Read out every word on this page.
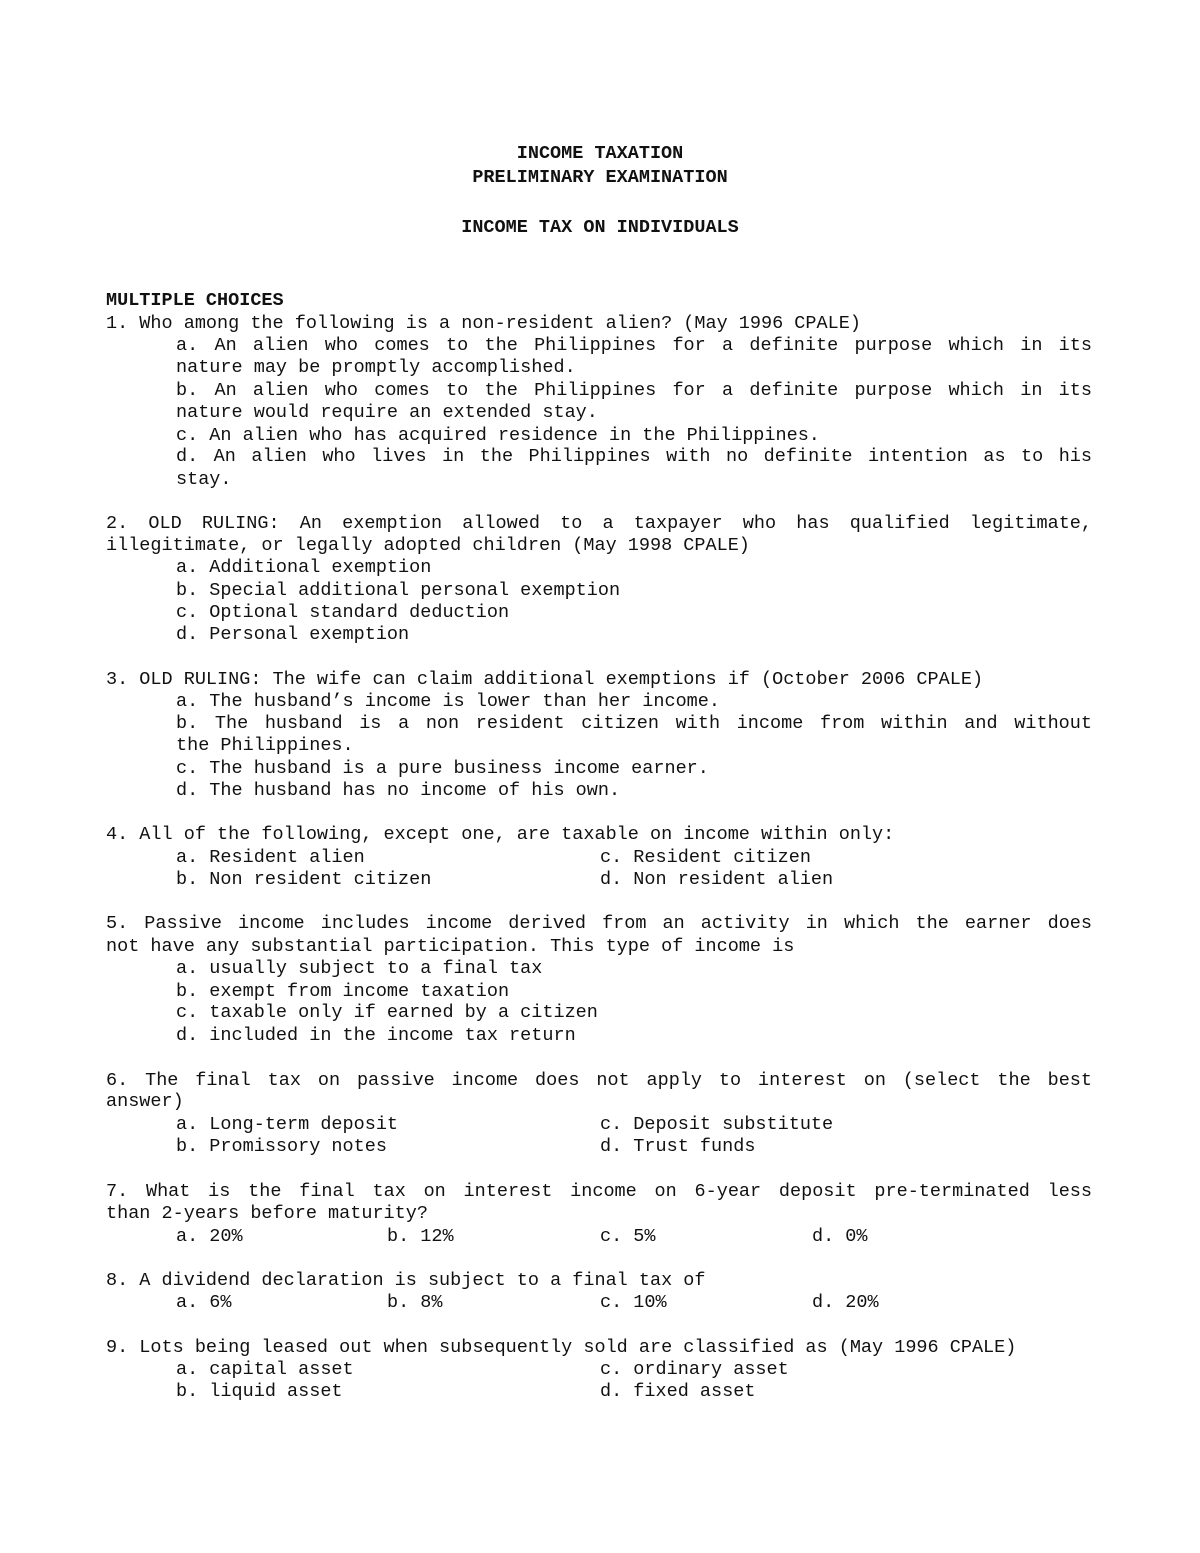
INCOME TAXATION
PRELIMINARY EXAMINATION
INCOME TAX ON INDIVIDUALS
MULTIPLE CHOICES
1. Who among the following is a non-resident alien? (May 1996 CPALE)
a. An alien who comes to the Philippines for a definite purpose which in its
nature may be promptly accomplished.
b. An alien who comes to the Philippines for a definite purpose which in its
nature would require an extended stay.
c. An alien who has acquired residence in the Philippines.
d. An alien who lives in the Philippines with no definite intention as to his
stay.
2. OLD RULING: An exemption allowed to a taxpayer who has qualified legitimate,
illegitimate, or legally adopted children (May 1998 CPALE)
a. Additional exemption
b. Special additional personal exemption
c. Optional standard deduction
d. Personal exemption
3. OLD RULING: The wife can claim additional exemptions if (October 2006 CPALE)
a. The husband’s income is lower than her income.
b. The husband is a non resident citizen with income from within and without
the Philippines.
c. The husband is a pure business income earner.
d. The husband has no income of his own.
4. All of the following, except one, are taxable on income within only:
a. Resident alien	c. Resident citizen
b. Non resident citizen	d. Non resident alien
5. Passive income includes income derived from an activity in which the earner does
not have any substantial participation. This type of income is
a. usually subject to a final tax
b. exempt from income taxation
c. taxable only if earned by a citizen
d. included in the income tax return
6. The final tax on passive income does not apply to interest on (select the best
answer)
a. Long-term deposit	c. Deposit substitute
b. Promissory notes	d. Trust funds
7. What is the final tax on interest income on 6-year deposit pre-terminated less
than 2-years before maturity?
a. 20%	b. 12%	c. 5%	d. 0%
8. A dividend declaration is subject to a final tax of
a. 6%	b. 8%	c. 10%	d. 20%
9. Lots being leased out when subsequently sold are classified as (May 1996 CPALE)
a. capital asset	c. ordinary asset
b. liquid asset	d. fixed asset
